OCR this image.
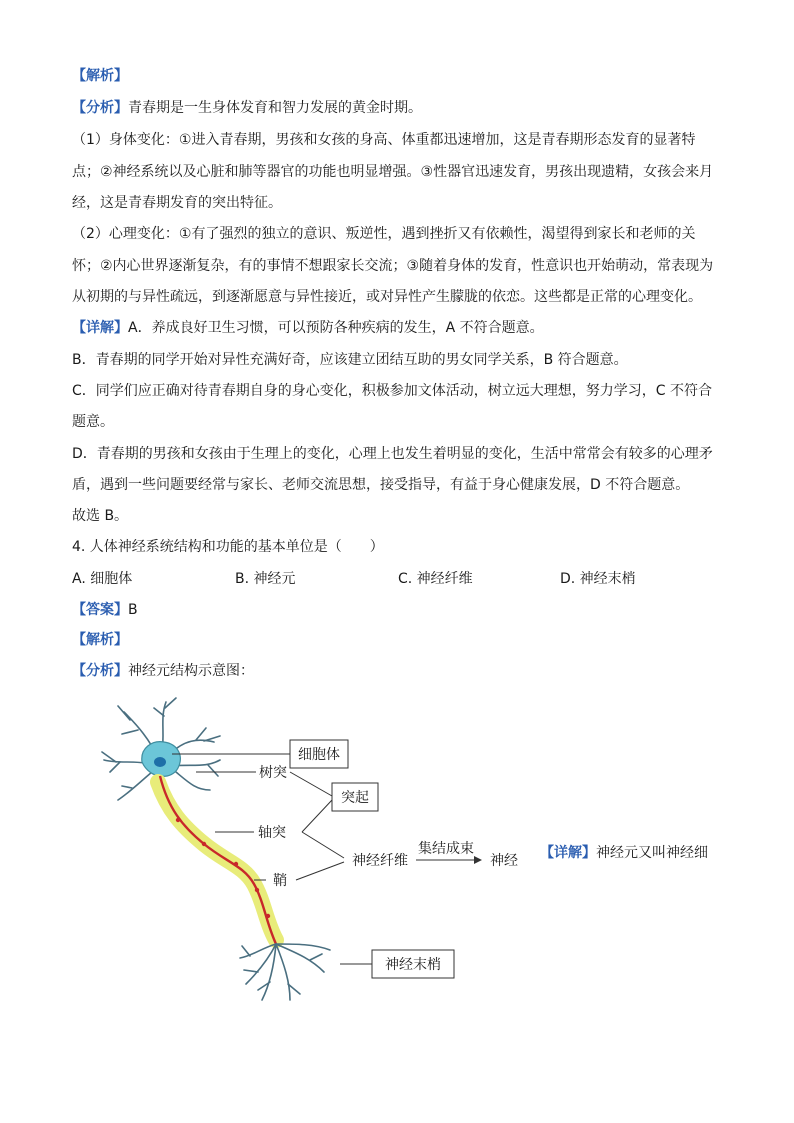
【解析】
【分析】青春期是一生身体发育和智力发展的黄金时期。
（1）身体变化：①进入青春期，男孩和女孩的身高、体重都迅速增加，这是青春期形态发育的显著特
点；②神经系统以及心脏和肺等器官的功能也明显增强。③性器官迅速发育，男孩出现遗精，女孩会来月
经，这是青春期发育的突出特征。
（2）心理变化：①有了强烈的独立的意识、叛逆性，遇到挫折又有依赖性，渴望得到家长和老师的关
怀；②内心世界逐渐复杂，有的事情不想跟家长交流；③随着身体的发育，性意识也开始萌动，常表现为
从初期的与异性疏远，到逐渐愿意与异性接近，或对异性产生朦胧的依恋。这些都是正常的心理变化。
【详解】A．养成良好卫生习惯，可以预防各种疾病的发生，A 不符合题意。
B．青春期的同学开始对异性充满好奇，应该建立团结互助的男女同学关系，B 符合题意。
C．同学们应正确对待青春期自身的身心变化，积极参加文体活动，树立远大理想，努力学习，C 不符合
题意。
D．青春期的男孩和女孩由于生理上的变化，心理上也发生着明显的变化，生活中常常会有较多的心理矛
盾，遇到一些问题要经常与家长、老师交流思想，接受指导，有益于身心健康发展，D 不符合题意。
故选 B。
4. 人体神经系统结构和功能的基本单位是（　　）
A. 细胞体	B. 神经元	C. 神经纤维	D. 神经末梢
【答案】B
【解析】
【分析】神经元结构示意图：
细胞体
树突
突起
轴突
鞘
神经纤维
集结成束
神经
神经末梢
【详解】神经元又叫神经细
